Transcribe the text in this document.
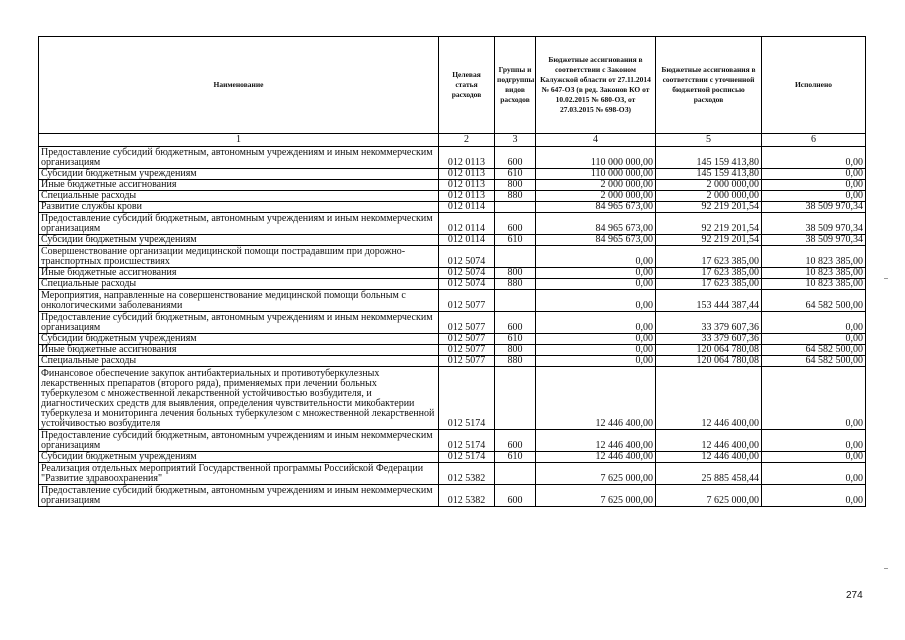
Наименование	Целевая статья расходов	Группы и подгруппы видов расходов	Бюджетные ассигнования в соответствии с Законом Калужской области от 27.11.2014 № 647-ОЗ (в ред. Законов КО от 10.02.2015 № 680-ОЗ, от 27.03.2015 № 698-ОЗ)	Бюджетные ассигнования в соответствии с уточненной бюджетной росписью расходов	Исполнено
1	2	3	4	5	6
Предоставление субсидий бюджетным, автономным учреждениям и иным некоммерческим организациям	012 0113	600	110 000 000,00	145 159 413,80	0,00
Субсидии бюджетным учреждениям	012 0113	610	110 000 000,00	145 159 413,80	0,00
Иные бюджетные ассигнования	012 0113	800	2 000 000,00	2 000 000,00	0,00
Специальные расходы	012 0113	880	2 000 000,00	2 000 000,00	0,00
Развитие службы крови	012 0114		84 965 673,00	92 219 201,54	38 509 970,34
Предоставление субсидий бюджетным, автономным учреждениям и иным некоммерческим организациям	012 0114	600	84 965 673,00	92 219 201,54	38 509 970,34
Субсидии бюджетным учреждениям	012 0114	610	84 965 673,00	92 219 201,54	38 509 970,34
Совершенствование организации медицинской помощи пострадавшим при дорожно-транспортных происшествиях	012 5074		0,00	17 623 385,00	10 823 385,00
Иные бюджетные ассигнования	012 5074	800	0,00	17 623 385,00	10 823 385,00
Специальные расходы	012 5074	880	0,00	17 623 385,00	10 823 385,00
Мероприятия, направленные на совершенствование медицинской помощи больным с онкологическими заболеваниями	012 5077		0,00	153 444 387,44	64 582 500,00
Предоставление субсидий бюджетным, автономным учреждениям и иным некоммерческим организациям	012 5077	600	0,00	33 379 607,36	0,00
Субсидии бюджетным учреждениям	012 5077	610	0,00	33 379 607,36	0,00
Иные бюджетные ассигнования	012 5077	800	0,00	120 064 780,08	64 582 500,00
Специальные расходы	012 5077	880	0,00	120 064 780,08	64 582 500,00
Финансовое обеспечение закупок антибактериальных и противотуберкулезных лекарственных препаратов (второго ряда), применяемых при лечении больных туберкулезом с множественной лекарственной устойчивостью возбудителя, и диагностических средств для выявления, определения чувствительности микобактерии туберкулеза и мониторинга лечения больных туберкулезом с множественной лекарственной устойчивостью возбудителя	012 5174		12 446 400,00	12 446 400,00	0,00
Предоставление субсидий бюджетным, автономным учреждениям и иным некоммерческим организациям	012 5174	600	12 446 400,00	12 446 400,00	0,00
Субсидии бюджетным учреждениям	012 5174	610	12 446 400,00	12 446 400,00	0,00
Реализация отдельных мероприятий Государственной программы Российской Федерации "Развитие здравоохранения"	012 5382		7 625 000,00	25 885 458,44	0,00
Предоставление субсидий бюджетным, автономным учреждениям и иным некоммерческим организациям	012 5382	600	7 625 000,00	7 625 000,00	0,00
274
